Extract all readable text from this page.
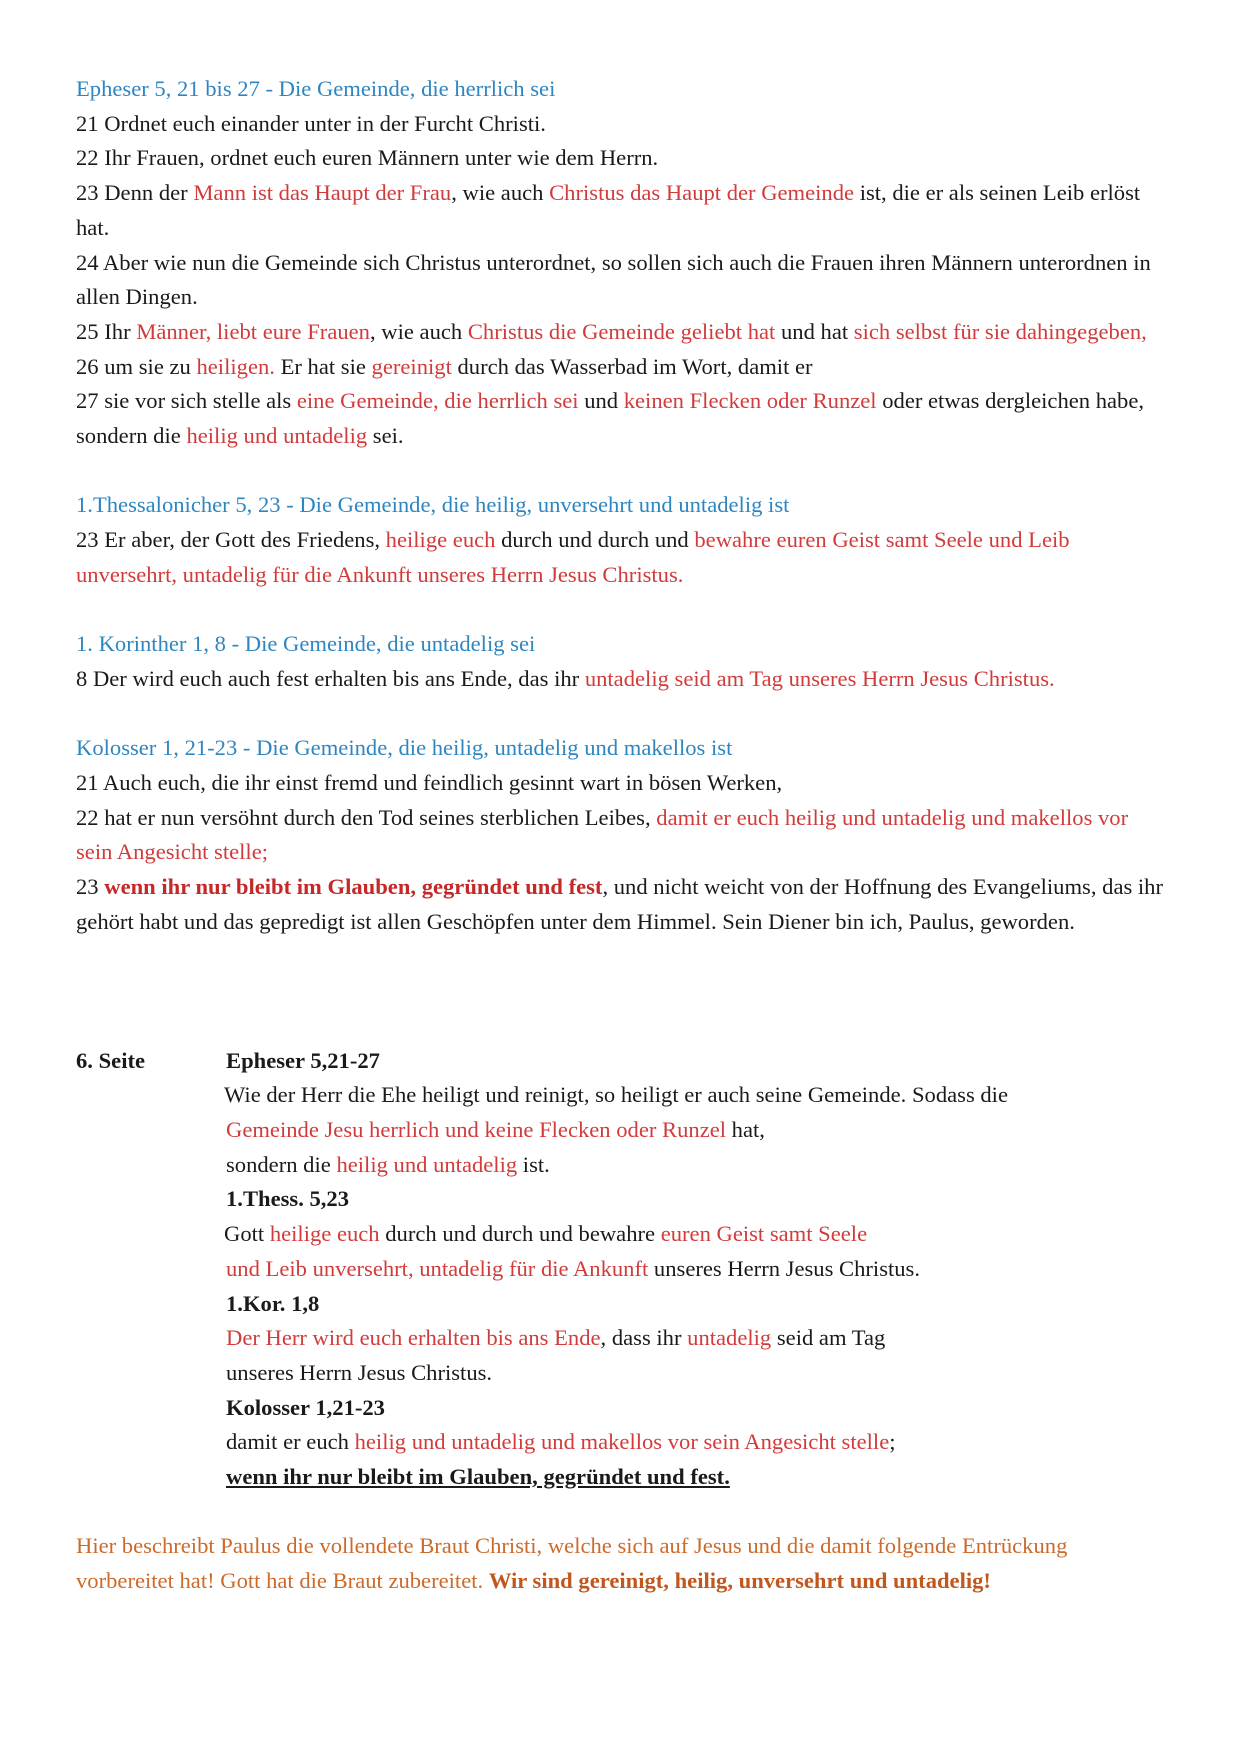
Epheser 5, 21 bis 27 - Die Gemeinde, die herrlich sei

21 Ordnet euch einander unter in der Furcht Christi.

22 Ihr Frauen, ordnet euch euren Männern unter wie dem Herrn.

23 Denn der Mann ist das Haupt der Frau, wie auch Christus das Haupt der Gemeinde ist, die er als seinen Leib erlöst hat.

24 Aber wie nun die Gemeinde sich Christus unterordnet, so sollen sich auch die Frauen ihren Männern unterordnen in allen Dingen.

25 Ihr Männer, liebt eure Frauen, wie auch Christus die Gemeinde geliebt hat und hat sich selbst für sie dahingegeben,

26 um sie zu heiligen. Er hat sie gereinigt durch das Wasserbad im Wort, damit er

27 sie vor sich stelle als eine Gemeinde, die herrlich sei und keinen Flecken oder Runzel oder etwas dergleichen habe, sondern die heilig und untadelig sei.

1.Thessalonicher 5, 23 - Die Gemeinde, die heilig, unversehrt und untadelig ist

23 Er aber, der Gott des Friedens, heilige euch durch und durch und bewahre euren Geist samt Seele und Leib unversehrt, untadelig für die Ankunft unseres Herrn Jesus Christus.

1. Korinther 1, 8 - Die Gemeinde, die untadelig sei

8 Der wird euch auch fest erhalten bis ans Ende, das ihr untadelig seid am Tag unseres Herrn Jesus Christus.

Kolosser 1, 21-23 - Die Gemeinde, die heilig, untadelig und makellos ist

21 Auch euch, die ihr einst fremd und feindlich gesinnt wart in bösen Werken,

22 hat er nun versöhnt durch den Tod seines sterblichen Leibes, damit er euch heilig und untadelig und makellos vor sein Angesicht stelle;

23 wenn ihr nur bleibt im Glauben, gegründet und fest, und nicht weicht von der Hoffnung des Evangeliums, das ihr gehört habt und das gepredigt ist allen Geschöpfen unter dem Himmel. Sein Diener bin ich, Paulus, geworden.

6. Seite	Epheser 5,21-27

Wie der Herr die Ehe heiligt und reinigt, so heiligt er auch seine Gemeinde. Sodass die

Gemeinde Jesu herrlich und keine Flecken oder Runzel hat,

sondern die heilig und untadelig ist.

1.Thess. 5,23

Gott heilige euch durch und durch und bewahre euren Geist samt Seele

und Leib unversehrt, untadelig für die Ankunft unseres Herrn Jesus Christus.

1.Kor. 1,8

Der Herr wird euch erhalten bis ans Ende, dass ihr untadelig seid am Tag

unseres Herrn Jesus Christus.

Kolosser 1,21-23

damit er euch heilig und untadelig und makellos vor sein Angesicht stelle;

wenn ihr nur bleibt im Glauben, gegründet und fest.

Hier beschreibt Paulus die vollendete Braut Christi, welche sich auf Jesus und die damit folgende Entrückung vorbereitet hat! Gott hat die Braut zubereitet. Wir sind gereinigt, heilig, unversehrt und untadelig!
